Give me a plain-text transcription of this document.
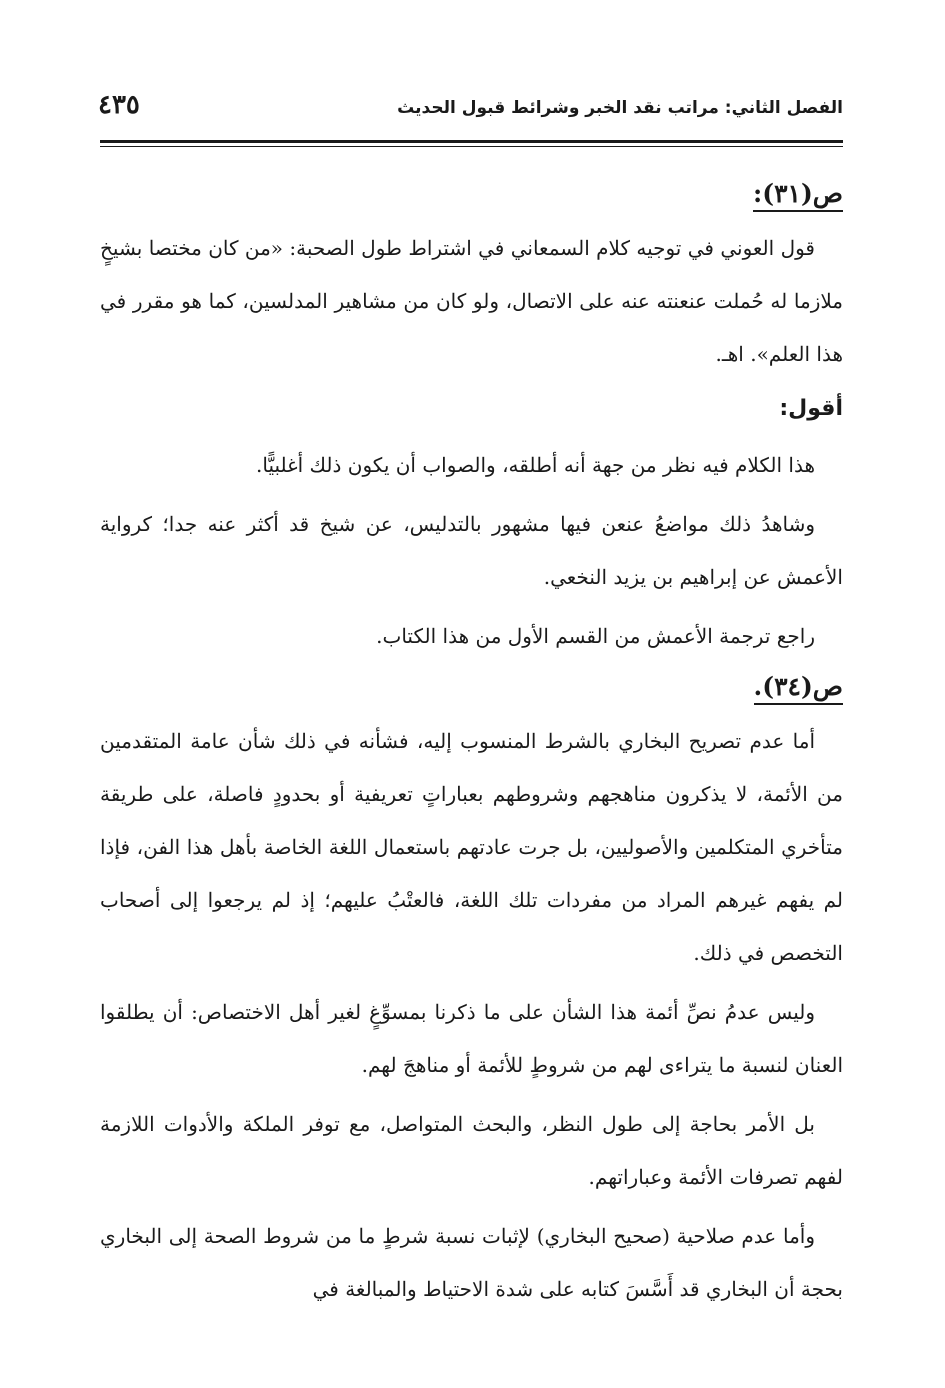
الفصل الثاني: مراتب نقد الخبر وشرائط قبول الحديث
٤٣٥
ص(٣١):

قول العوني في توجيه كلام السمعاني في اشتراط طول الصحبة: «من كان مختصا بشيخٍ ملازما له حُملت عنعنته عنه على الاتصال، ولو كان من مشاهير المدلسين، كما هو مقرر في هذا العلم». اهـ.

أقول:

هذا الكلام فيه نظر من جهة أنه أطلقه، والصواب أن يكون ذلك أغلبيًّا.

وشاهدُ ذلك مواضعُ عنعن فيها مشهور بالتدليس، عن شيخ قد أكثر عنه جدا؛ كرواية الأعمش عن إبراهيم بن يزيد النخعي.

راجع ترجمة الأعمش من القسم الأول من هذا الكتاب.

ص(٣٤).

أما عدم تصريح البخاري بالشرط المنسوب إليه، فشأنه في ذلك شأن عامة المتقدمين من الأئمة، لا يذكرون مناهجهم وشروطهم بعباراتٍ تعريفية أو بحدودٍ فاصلة، على طريقة متأخري المتكلمين والأصوليين، بل جرت عادتهم باستعمال اللغة الخاصة بأهل هذا الفن، فإذا لم يفهم غيرهم المراد من مفردات تلك اللغة، فالعتْبُ عليهم؛ إذ لم يرجعوا إلى أصحاب التخصص في ذلك.

وليس عدمُ نصِّ أئمة هذا الشأن على ما ذكرنا بمسوِّغٍ لغير أهل الاختصاص: أن يطلقوا العنان لنسبة ما يتراءى لهم من شروطٍ للأئمة أو مناهجَ لهم.

بل الأمر بحاجة إلى طول النظر، والبحث المتواصل، مع توفر الملكة والأدوات اللازمة لفهم تصرفات الأئمة وعباراتهم.

وأما عدم صلاحية (صحيح البخاري) لإثبات نسبة شرطٍ ما من شروط الصحة إلى البخاري بحجة أن البخاري قد أَسَّسَ كتابه على شدة الاحتياط والمبالغة في
